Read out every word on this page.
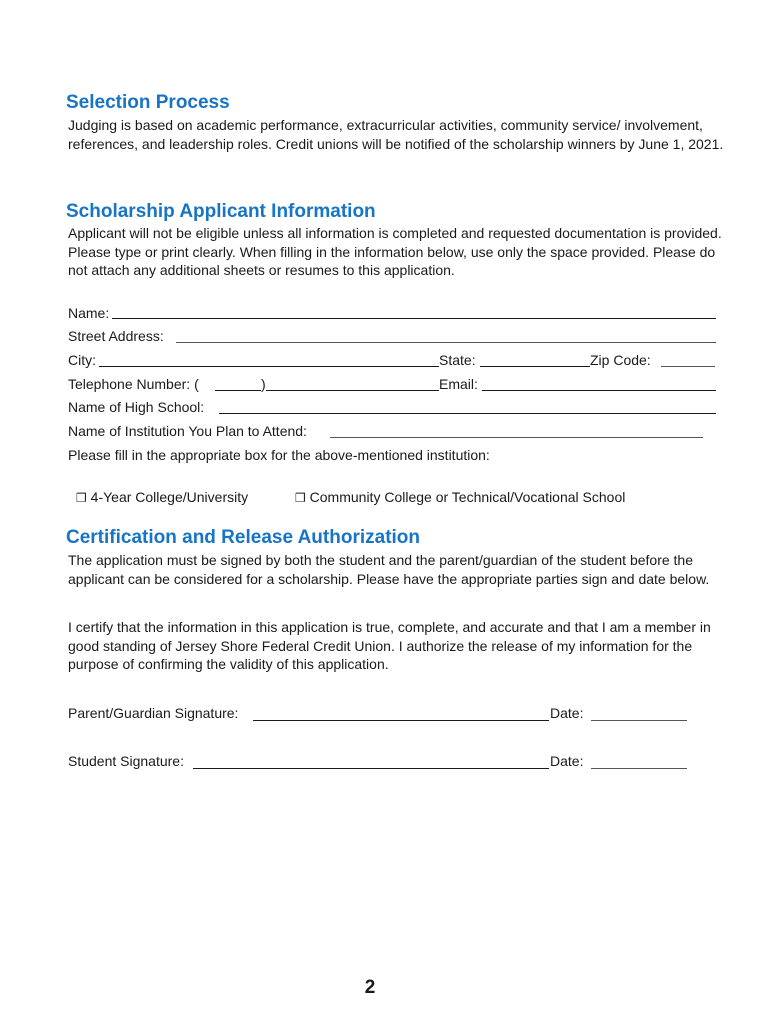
Selection Process
Judging is based on academic performance, extracurricular activities, community service/ involvement, references, and leadership roles. Credit unions will be notified of the scholarship winners by June 1, 2021.
Scholarship Applicant Information
Applicant will not be eligible unless all information is completed and requested documentation is provided. Please type or print clearly. When filling in the information below, use only the space provided. Please do not attach any additional sheets or resumes to this application.
Name:
Street Address:
City:	State:	Zip Code:
Telephone Number: (	)	Email:
Name of High School:
Name of Institution You Plan to Attend:
Please fill in the appropriate box for the above-mentioned institution:
❒ 4-Year College/University	❒ Community College or Technical/Vocational School
Certification and Release Authorization
The application must be signed by both the student and the parent/guardian of the student before the applicant can be considered for a scholarship. Please have the appropriate parties sign and date below.
I certify that the information in this application is true, complete, and accurate and that I am a member in good standing of Jersey Shore Federal Credit Union. I authorize the release of my information for the purpose of confirming the validity of this application.
Parent/Guardian Signature:	Date:
Student Signature:	Date:
2
